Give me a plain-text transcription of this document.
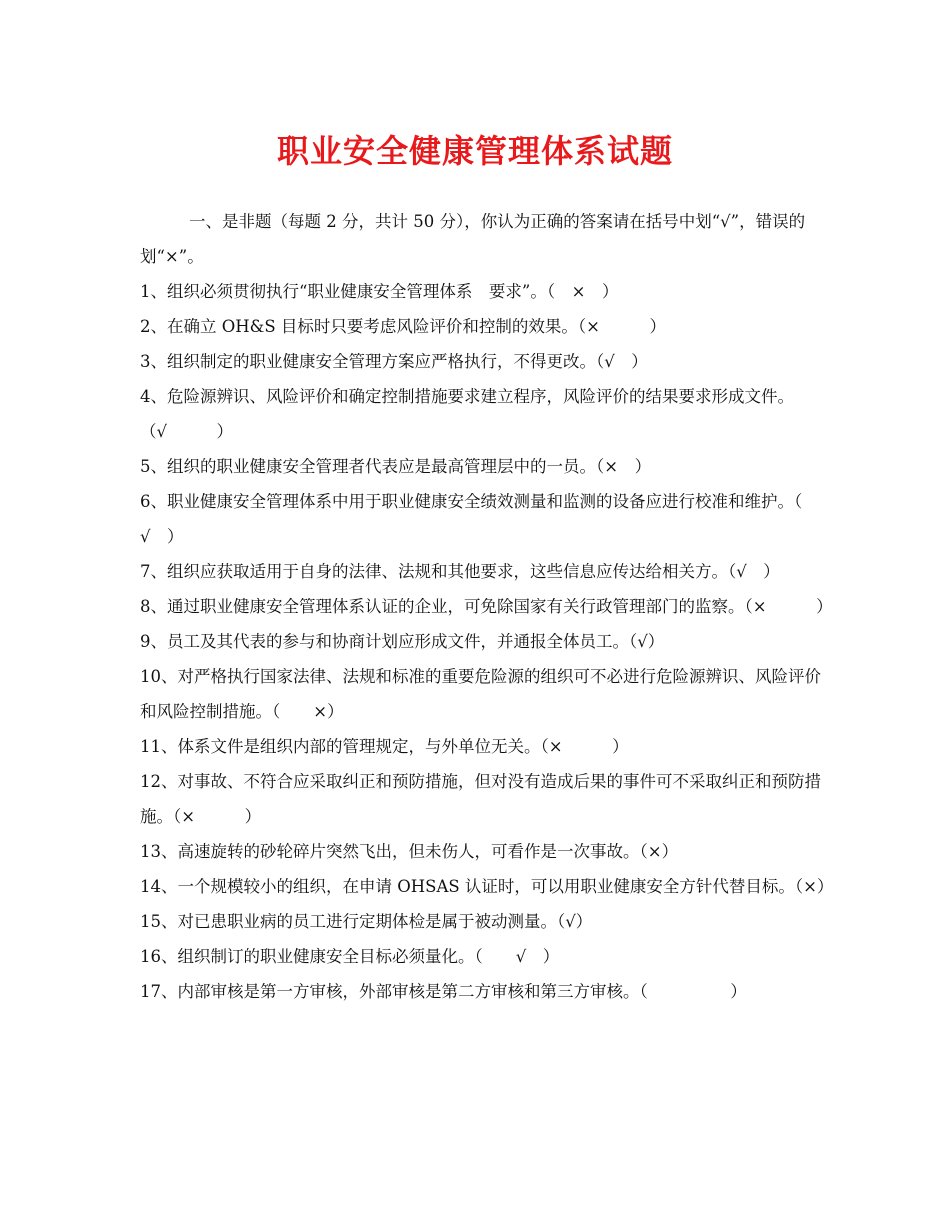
职业安全健康管理体系试题

一、是非题（每题 2 分，共计 50 分），你认为正确的答案请在括号中划“√”，错误的划“×”。

1、组织必须贯彻执行“职业健康安全管理体系　要求”。（　×　）

2、在确立 OH&S 目标时只要考虑风险评价和控制的效果。（×　　　）

3、组织制定的职业健康安全管理方案应严格执行，不得更改。（√　）

4、危险源辨识、风险评价和确定控制措施要求建立程序，风险评价的结果要求形成文件。（√　　　）

5、组织的职业健康安全管理者代表应是最高管理层中的一员。（×　）

6、职业健康安全管理体系中用于职业健康安全绩效测量和监测的设备应进行校准和维护。（　　　√　）

7、组织应获取适用于自身的法律、法规和其他要求，这些信息应传达给相关方。（√　）

8、通过职业健康安全管理体系认证的企业，可免除国家有关行政管理部门的监察。（×　　　）

9、员工及其代表的参与和协商计划应形成文件，并通报全体员工。（√）

10、对严格执行国家法律、法规和标准的重要危险源的组织可不必进行危险源辨识、风险评价和风险控制措施。（　　×）

11、体系文件是组织内部的管理规定，与外单位无关。（×　　　）

12、对事故、不符合应采取纠正和预防措施，但对没有造成后果的事件可不采取纠正和预防措施。（×　　　）

13、高速旋转的砂轮碎片突然飞出，但未伤人，可看作是一次事故。（×）

14、一个规模较小的组织，在申请 OHSAS 认证时，可以用职业健康安全方针代替目标。（×）

15、对已患职业病的员工进行定期体检是属于被动测量。（√）

16、组织制订的职业健康安全目标必须量化。（　　√　）

17、内部审核是第一方审核，外部审核是第二方审核和第三方审核。（　　　　　）
